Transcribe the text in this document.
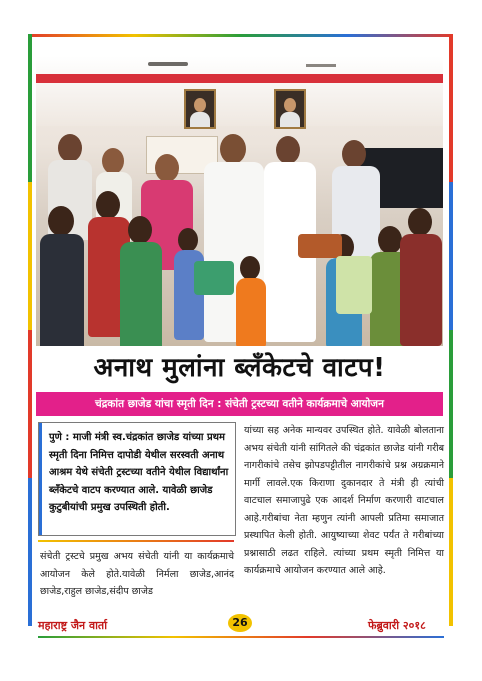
अनाथ मुलांना ब्लँकेटचे वाटप!
चंद्रकांत छाजेड यांचा स्मृती दिन : संचेती ट्रस्टच्या वतीने कार्यक्रमाचे आयोजन

पुणे : माजी मंत्री स्व.चंद्रकांत छाजेड यांच्या प्रथम स्मृती दिना निमित्त दापोडी येथील सरस्वती अनाथ आश्रम येथे संचेती ट्रस्टच्या वतीने येथील विद्यार्थांना ब्लँकेटचे वाटप करण्यात आले. यावेळी छाजेड कुटुबीयांची प्रमुख उपस्थिती होती.

संचेती ट्रस्टचे प्रमुख अभय संचेती यांनी या कार्यक्रमाचे आयोजन केले होते.यावेळी निर्मला छाजेड,आनंद छाजेड,राहुल छाजेड,संदीप छाजेड

यांच्या सह अनेक मान्यवर उपस्थित होते. यावेळी बोलताना अभय संचेती यांनी सांगितले की चंद्रकांत छाजेड यांनी गरीब नागरीकांचे तसेच झोपडपट्टीतील नागरीकांचे प्रश्न अग्रक्रमाने मार्गी लावले.एक किराणा दुकानदार ते मंत्री ही त्यांची वाटचाल समाजापुढे एक आदर्श निर्माण करणारी वाटचाल आहे.गरीबांचा नेता म्हणुन त्यांनी आपली प्रतिमा समाजात प्रस्थापित केली होती. आयुष्याच्या शेवट पर्यंत ते गरीबांच्या प्रश्नासाठी लढत राहिले. त्यांच्या प्रथम स्मृती निमित्त या कार्यक्रमाचे आयोजन करण्यात आले आहे.

महाराष्ट्र जैन वार्ता	26	फेब्रुवारी २०१८
